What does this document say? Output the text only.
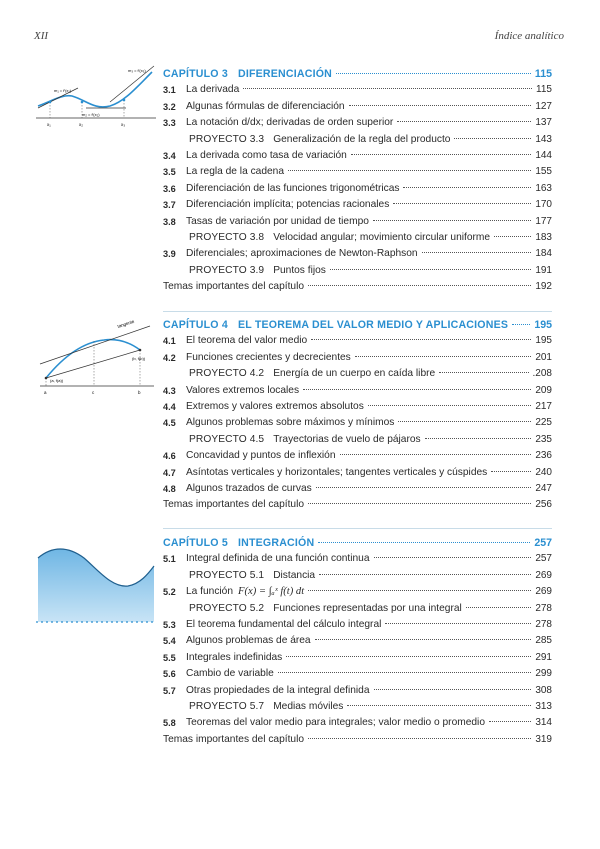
XII	Índice analítico
m₃ = f′(x₃)
m₁ = f′(x₁)
m₂ = f′(x₂)
x₁	x₂	x₃
tangente
(b, f(b))
(a, f(a))
a	c	b
CAPÍTULO 3 DIFERENCIACIÓN	115
3.1 La derivada	115
3.2 Algunas fórmulas de diferenciación	127
3.3 La notación d/dx; derivadas de orden superior	137
PROYECTO 3.3 Generalización de la regla del producto	143
3.4 La derivada como tasa de variación	144
3.5 La regla de la cadena	155
3.6 Diferenciación de las funciones trigonométricas	163
3.7 Diferenciación implícita; potencias racionales	170
3.8 Tasas de variación por unidad de tiempo	177
PROYECTO 3.8 Velocidad angular; movimiento circular uniforme	183
3.9 Diferenciales; aproximaciones de Newton-Raphson	184
PROYECTO 3.9 Puntos fijos	191
Temas importantes del capítulo	192
CAPÍTULO 4 EL TEOREMA DEL VALOR MEDIO Y APLICACIONES 195
4.1 El teorema del valor medio	195
4.2 Funciones crecientes y decrecientes	201
PROYECTO 4.2 Energía de un cuerpo en caída libre	.208
4.3 Valores extremos locales	209
4.4 Extremos y valores extremos absolutos	217
4.5 Algunos problemas sobre máximos y mínimos	225
PROYECTO 4.5 Trayectorias de vuelo de pájaros	235
4.6 Concavidad y puntos de inflexión	236
4.7 Asíntotas verticales y horizontales; tangentes verticales y cúspides	240
4.8 Algunos trazados de curvas	247
Temas importantes del capítulo	256
CAPÍTULO 5 INTEGRACIÓN	257
5.1 Integral definida de una función continua	257
PROYECTO 5.1 Distancia	269
5.2 La función F(x) = ∫ₐˣ f(t) dt	269
PROYECTO 5.2 Funciones representadas por una integral	278
5.3 El teorema fundamental del cálculo integral	278
5.4 Algunos problemas de área	285
5.5 Integrales indefinidas	291
5.6 Cambio de variable	299
5.7 Otras propiedades de la integral definida	308
PROYECTO 5.7 Medias móviles	313
5.8 Teoremas del valor medio para integrales; valor medio o promedio	314
Temas importantes del capítulo	319
